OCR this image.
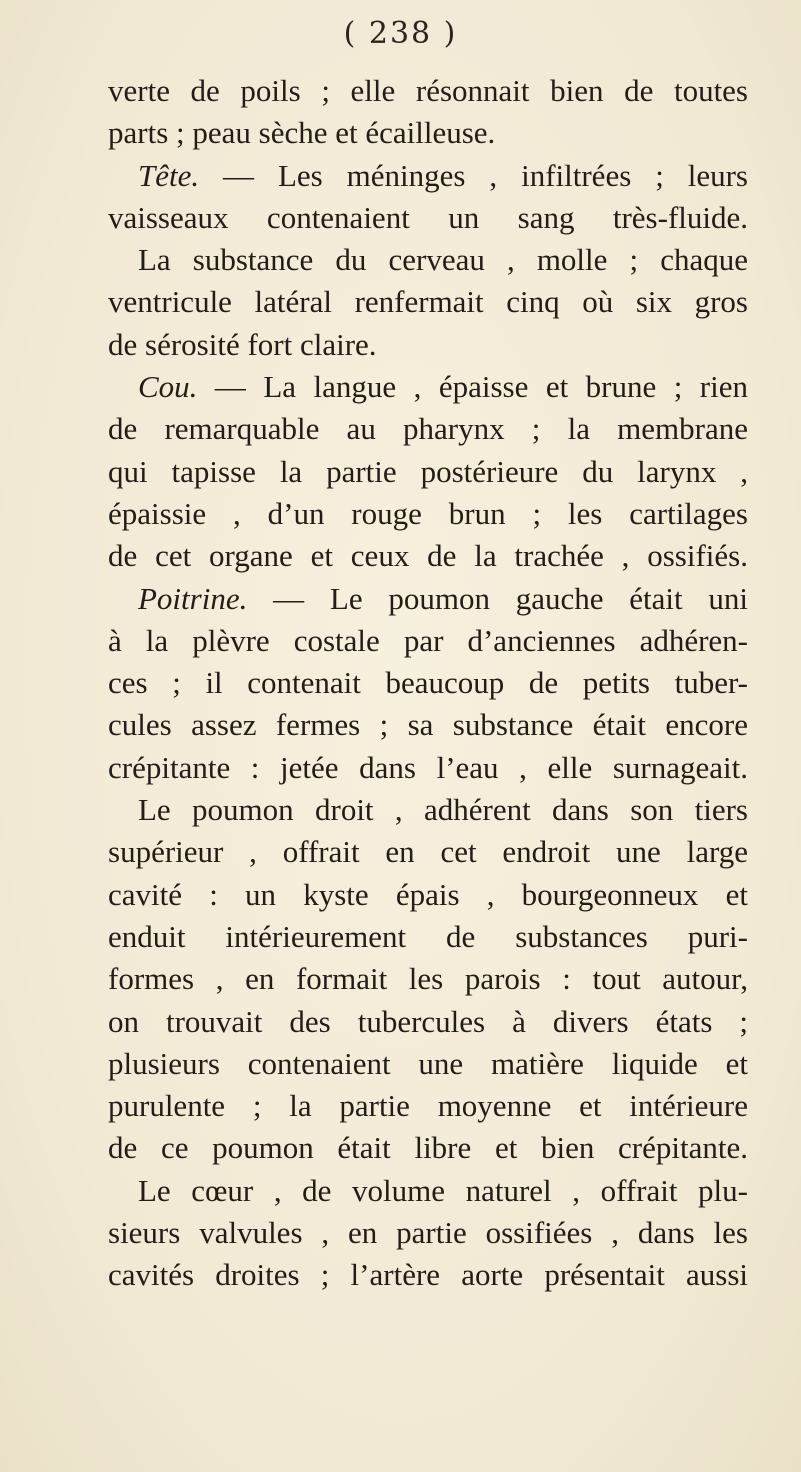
( 238 )
verte de poils ; elle résonnait bien de toutes
parts ; peau sèche et écailleuse.
Tête. — Les méninges , infiltrées ; leurs
vaisseaux contenaient un sang très-fluide.
La substance du cerveau , molle ; chaque
ventricule latéral renfermait cinq où six gros
de sérosité fort claire.
Cou. — La langue , épaisse et brune ; rien
de remarquable au pharynx ; la membrane
qui tapisse la partie postérieure du larynx ,
épaissie , d’un rouge brun ; les cartilages
de cet organe et ceux de la trachée , ossifiés.
Poitrine. — Le poumon gauche était uni
à la plèvre costale par d’anciennes adhéren-
ces ; il contenait beaucoup de petits tuber-
cules assez fermes ; sa substance était encore
crépitante : jetée dans l’eau , elle surnageait.
Le poumon droit , adhérent dans son tiers
supérieur , offrait en cet endroit une large
cavité : un kyste épais , bourgeonneux et
enduit intérieurement de substances puri-
formes , en formait les parois : tout autour,
on trouvait des tubercules à divers états ;
plusieurs contenaient une matière liquide et
purulente ; la partie moyenne et intérieure
de ce poumon était libre et bien crépitante.
Le cœur , de volume naturel , offrait plu-
sieurs valvules , en partie ossifiées , dans les
cavités droites ; l’artère aorte présentait aussi
